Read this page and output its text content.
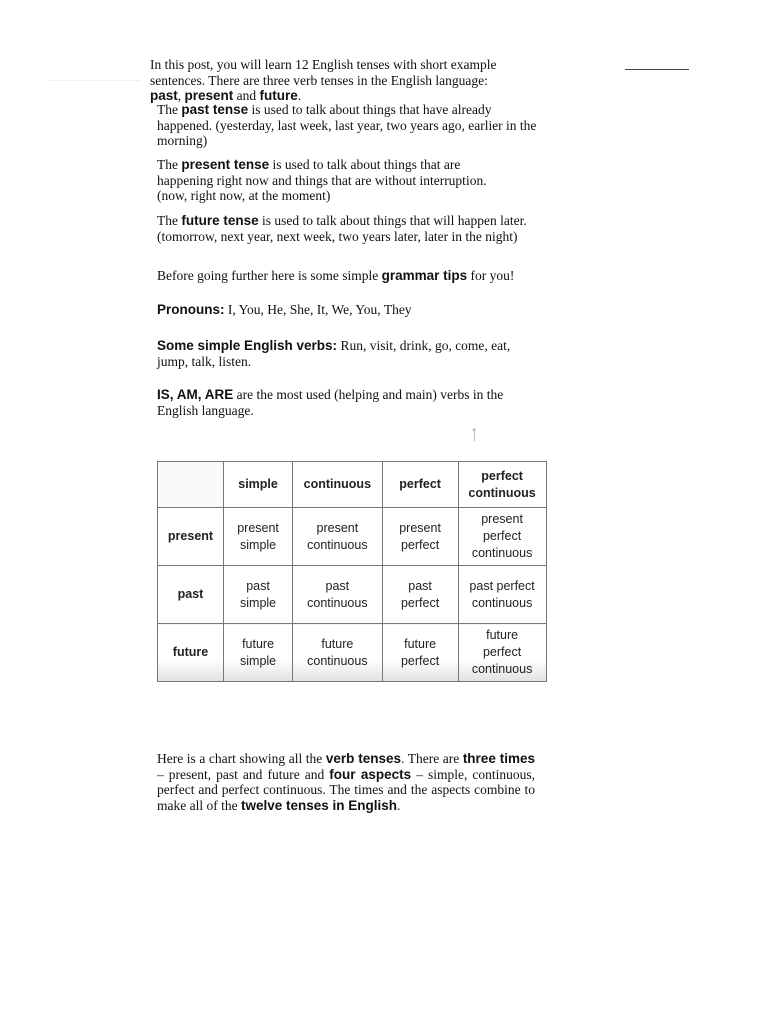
In this post, you will learn 12 English tenses with short example
sentences. There are three verb tenses in the English language:
past, present and future.

The past tense is used to talk about things that have already happened. (yesterday, last week, last year, two years ago, earlier in the morning)

The present tense is used to talk about things that are happening right now and things that are without interruption.
(now, right now, at the moment)

The future tense is used to talk about things that will happen later. (tomorrow, next year, next week, two years later, later in the night)

Before going further here is some simple grammar tips for you!

Pronouns: I, You, He, She, It, We, You, They

Some simple English verbs: Run, visit, drink, go, come, eat, jump, talk, listen.

IS, AM, ARE are the most used (helping and main) verbs in the English language.

	simple	continuous	perfect	perfect continuous
present	present simple	present continuous	present perfect	present perfect continuous
past	past simple	past continuous	past perfect	past perfect continuous
future	future simple	future continuous	future perfect	future perfect continuous

Here is a chart showing all the verb tenses. There are three times – present, past and future and four aspects – simple, continuous, perfect and perfect continuous. The times and the aspects combine to make all of the twelve tenses in English.
